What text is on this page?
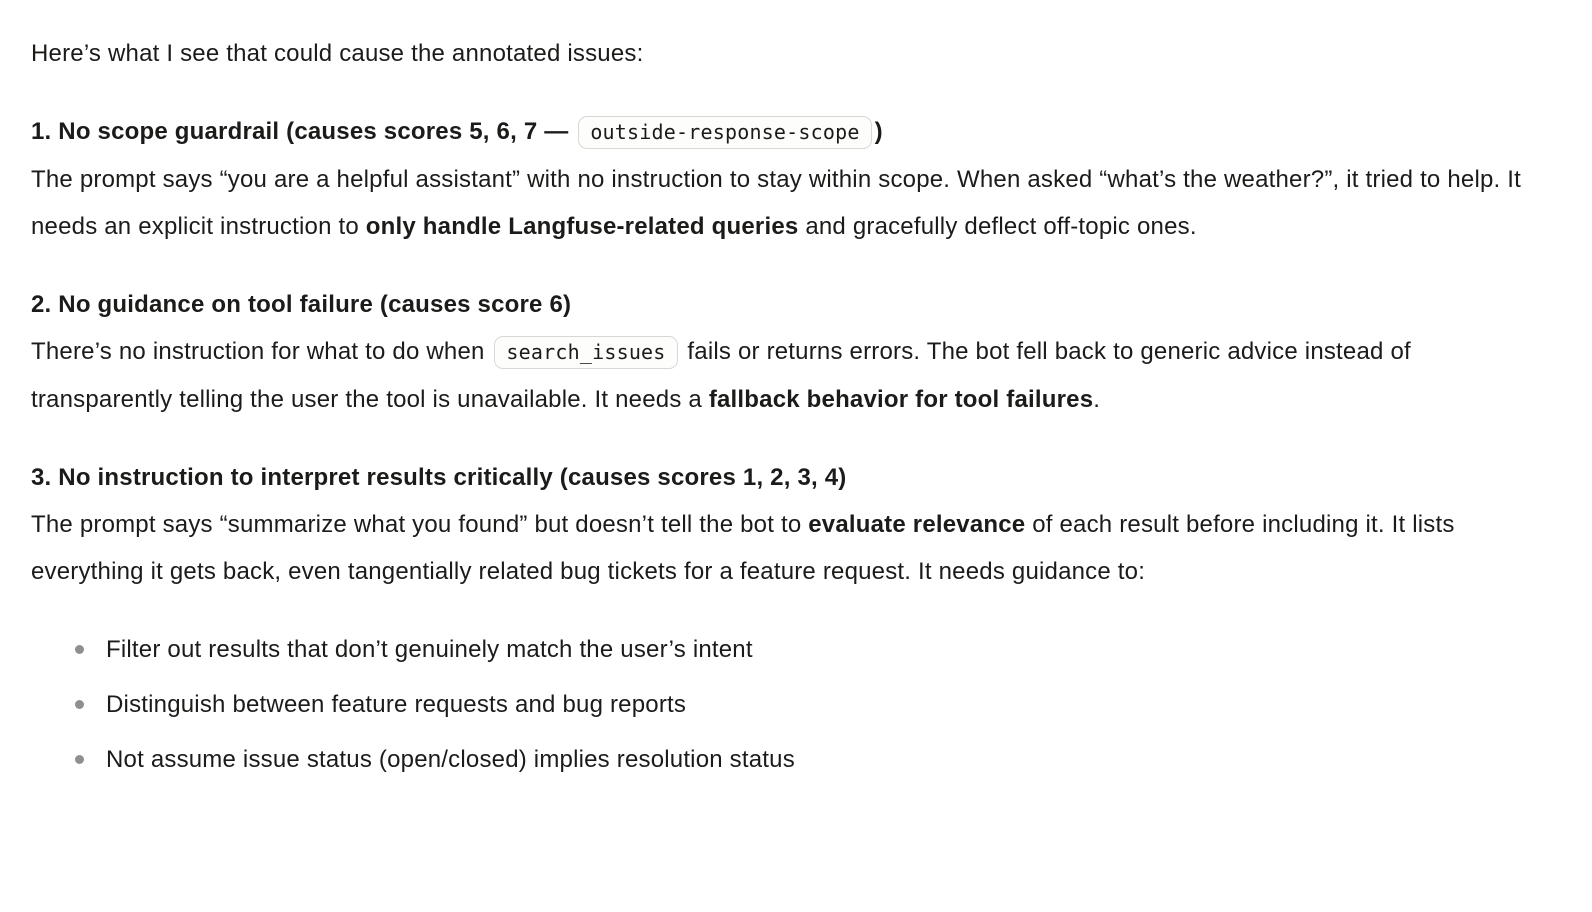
Here’s what I see that could cause the annotated issues:

1. No scope guardrail (causes scores 5, 6, 7 — outside-response-scope )

The prompt says “you are a helpful assistant” with no instruction to stay within scope. When asked “what’s the weather?”, it tried to help. It needs an explicit instruction to only handle Langfuse-related queries and gracefully deflect off-topic ones.

2. No guidance on tool failure (causes score 6)

There’s no instruction for what to do when search_issues fails or returns errors. The bot fell back to generic advice instead of transparently telling the user the tool is unavailable. It needs a fallback behavior for tool failures.

3. No instruction to interpret results critically (causes scores 1, 2, 3, 4)

The prompt says “summarize what you found” but doesn’t tell the bot to evaluate relevance of each result before including it. It lists everything it gets back, even tangentially related bug tickets for a feature request. It needs guidance to:

Filter out results that don’t genuinely match the user’s intent
Distinguish between feature requests and bug reports
Not assume issue status (open/closed) implies resolution status
